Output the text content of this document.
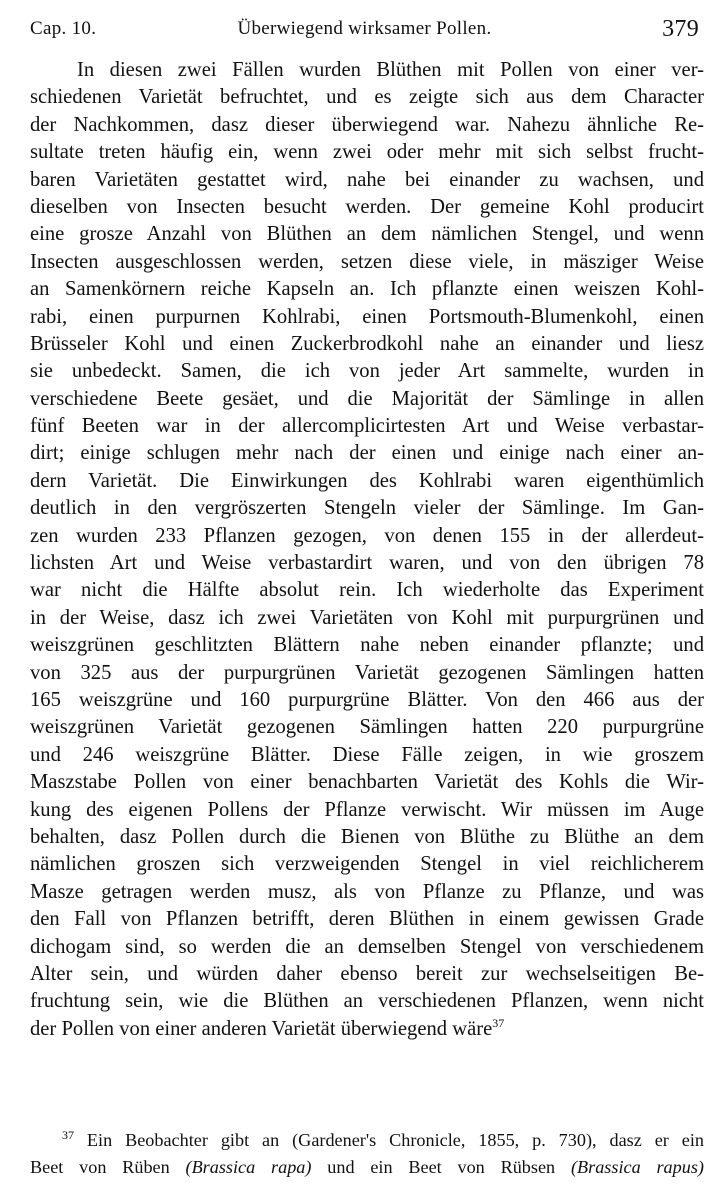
Cap. 10.	Überwiegend wirksamer Pollen.	379
In diesen zwei Fällen wurden Blüthen mit Pollen von einer ver-
schiedenen Varietät befruchtet, und es zeigte sich aus dem Character
der Nachkommen, dasz dieser überwiegend war. Nahezu ähnliche Re-
sultate treten häufig ein, wenn zwei oder mehr mit sich selbst frucht-
baren Varietäten gestattet wird, nahe bei einander zu wachsen, und
dieselben von Insecten besucht werden. Der gemeine Kohl producirt
eine grosze Anzahl von Blüthen an dem nämlichen Stengel, und wenn
Insecten ausgeschlossen werden, setzen diese viele, in mäsziger Weise
an Samenkörnern reiche Kapseln an. Ich pflanzte einen weiszen Kohl-
rabi, einen purpurnen Kohlrabi, einen Portsmouth-Blumenkohl, einen
Brüsseler Kohl und einen Zuckerbrodkohl nahe an einander und liesz
sie unbedeckt. Samen, die ich von jeder Art sammelte, wurden in
verschiedene Beete gesäet, und die Majorität der Sämlinge in allen
fünf Beeten war in der allercomplicirtesten Art und Weise verbastar-
dirt; einige schlugen mehr nach der einen und einige nach einer an-
dern Varietät. Die Einwirkungen des Kohlrabi waren eigenthümlich
deutlich in den vergröszerten Stengeln vieler der Sämlinge. Im Gan-
zen wurden 233 Pflanzen gezogen, von denen 155 in der allerdeut-
lichsten Art und Weise verbastardirt waren, und von den übrigen 78
war nicht die Hälfte absolut rein. Ich wiederholte das Experiment
in der Weise, dasz ich zwei Varietäten von Kohl mit purpurgrünen und
weiszgrünen geschlitzten Blättern nahe neben einander pflanzte; und
von 325 aus der purpurgrünen Varietät gezogenen Sämlingen hatten
165 weiszgrüne und 160 purpurgrüne Blätter. Von den 466 aus der
weiszgrünen Varietät gezogenen Sämlingen hatten 220 purpurgrüne
und 246 weiszgrüne Blätter. Diese Fälle zeigen, in wie groszem
Maszstabe Pollen von einer benachbarten Varietät des Kohls die Wir-
kung des eigenen Pollens der Pflanze verwischt. Wir müssen im Auge
behalten, dasz Pollen durch die Bienen von Blüthe zu Blüthe an dem
nämlichen groszen sich verzweigenden Stengel in viel reichlicherem
Masze getragen werden musz, als von Pflanze zu Pflanze, und was
den Fall von Pflanzen betrifft, deren Blüthen in einem gewissen Grade
dichogam sind, so werden die an demselben Stengel von verschiedenem
Alter sein, und würden daher ebenso bereit zur wechselseitigen Be-
fruchtung sein, wie die Blüthen an verschiedenen Pflanzen, wenn nicht
der Pollen von einer anderen Varietät überwiegend wäre$^{37}$
$^{37}$ Ein Beobachter gibt an (Gardener's Chronicle, 1855, p. 730), dasz er ein
Beet von Rüben (Brassica rapa) und ein Beet von Rübsen (Brassica rapus)
